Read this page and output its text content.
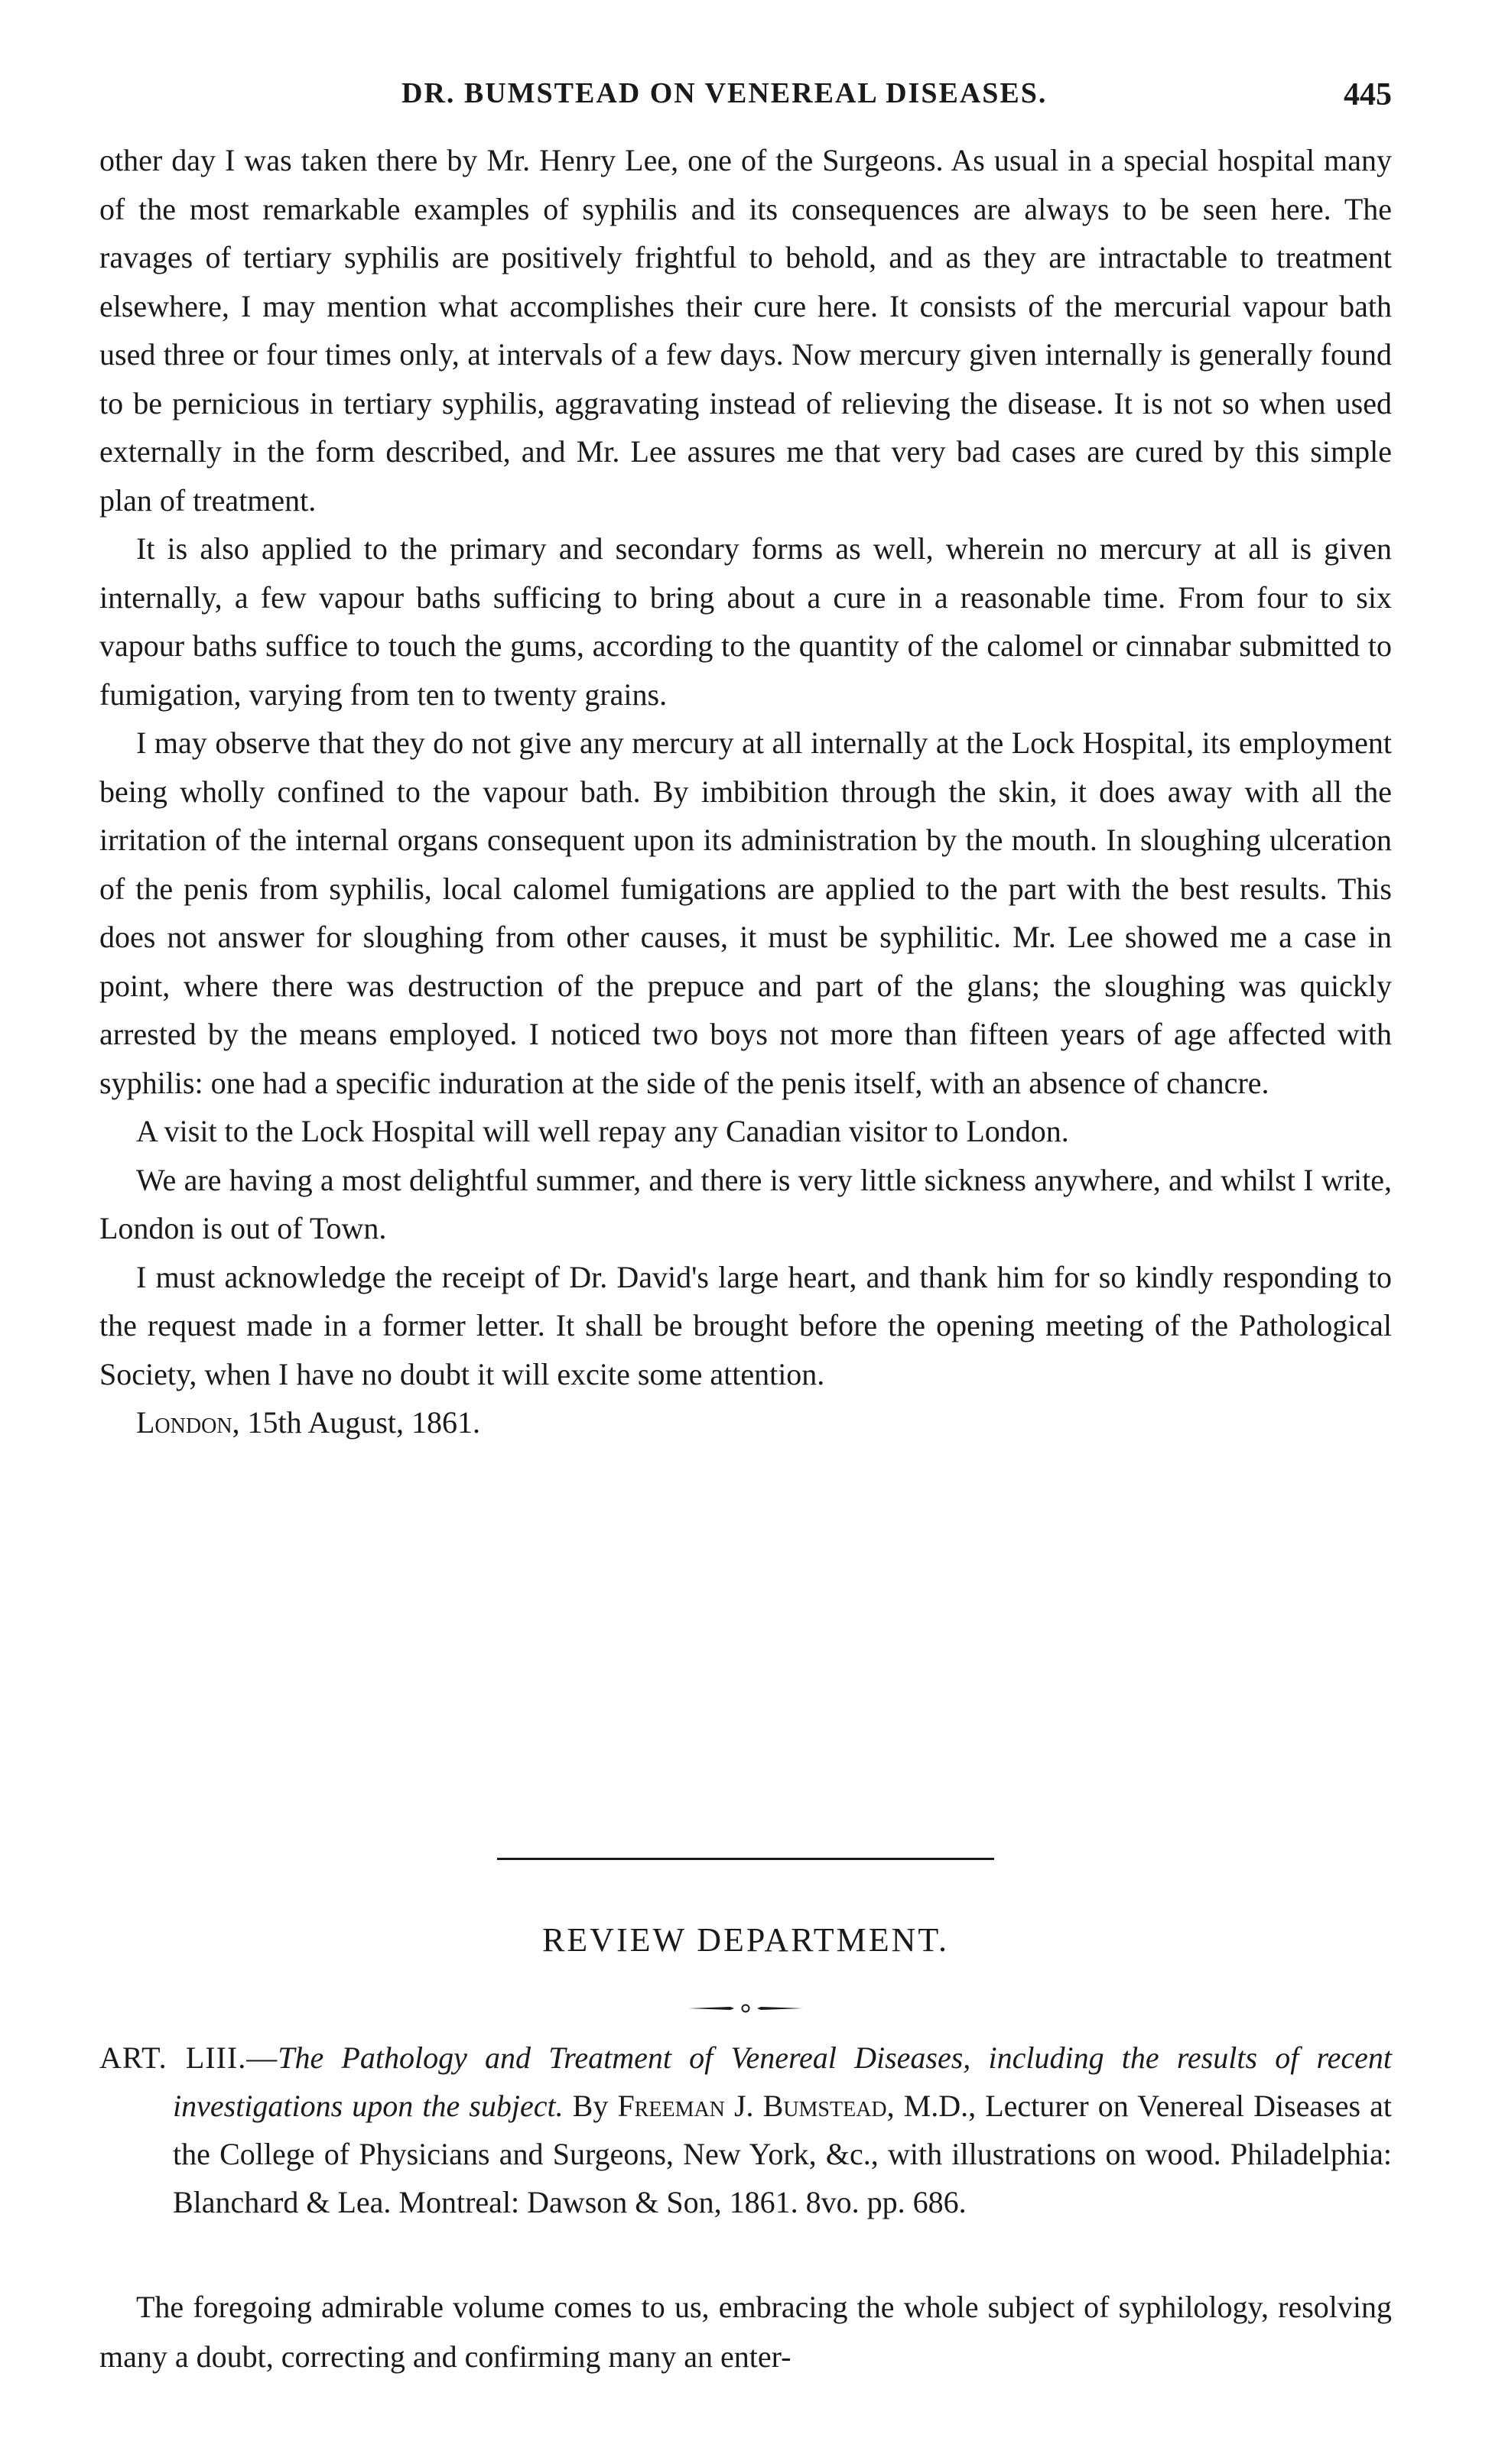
DR. BUMSTEAD ON VENEREAL DISEASES.	445

other day I was taken there by Mr. Henry Lee, one of the Surgeons. As usual in a special hospital many of the most remarkable examples of syphilis and its consequences are always to be seen here. The ravages of tertiary syphilis are positively frightful to behold, and as they are intractable to treatment elsewhere, I may mention what accomplishes their cure here. It consists of the mercurial vapour bath used three or four times only, at intervals of a few days. Now mercury given internally is generally found to be pernicious in tertiary syphilis, aggravating instead of relieving the disease. It is not so when used externally in the form described, and Mr. Lee assures me that very bad cases are cured by this simple plan of treatment.

It is also applied to the primary and secondary forms as well, wherein no mercury at all is given internally, a few vapour baths sufficing to bring about a cure in a reasonable time. From four to six vapour baths suffice to touch the gums, according to the quantity of the calomel or cinnabar submitted to fumigation, varying from ten to twenty grains.

I may observe that they do not give any mercury at all internally at the Lock Hospital, its employment being wholly confined to the vapour bath. By imbibition through the skin, it does away with all the irritation of the internal organs consequent upon its administration by the mouth. In sloughing ulceration of the penis from syphilis, local calomel fumigations are applied to the part with the best results. This does not answer for sloughing from other causes, it must be syphilitic. Mr. Lee showed me a case in point, where there was destruction of the prepuce and part of the glans; the sloughing was quickly arrested by the means employed. I noticed two boys not more than fifteen years of age affected with syphilis: one had a specific induration at the side of the penis itself, with an absence of chancre.

A visit to the Lock Hospital will well repay any Canadian visitor to London.

We are having a most delightful summer, and there is very little sickness anywhere, and whilst I write, London is out of Town.

I must acknowledge the receipt of Dr. David's large heart, and thank him for so kindly responding to the request made in a former letter. It shall be brought before the opening meeting of the Pathological Society, when I have no doubt it will excite some attention.

London, 15th August, 1861.

REVIEW DEPARTMENT.

ART. LIII.—The Pathology and Treatment of Venereal Diseases, including the results of recent investigations upon the subject. By Freeman J. Bumstead, M.D., Lecturer on Venereal Diseases at the College of Physicians and Surgeons, New York, &c., with illustrations on wood. Philadelphia: Blanchard & Lea. Montreal: Dawson & Son, 1861. 8vo. pp. 686.

The foregoing admirable volume comes to us, embracing the whole subject of syphilology, resolving many a doubt, correcting and confirming many an enter-
